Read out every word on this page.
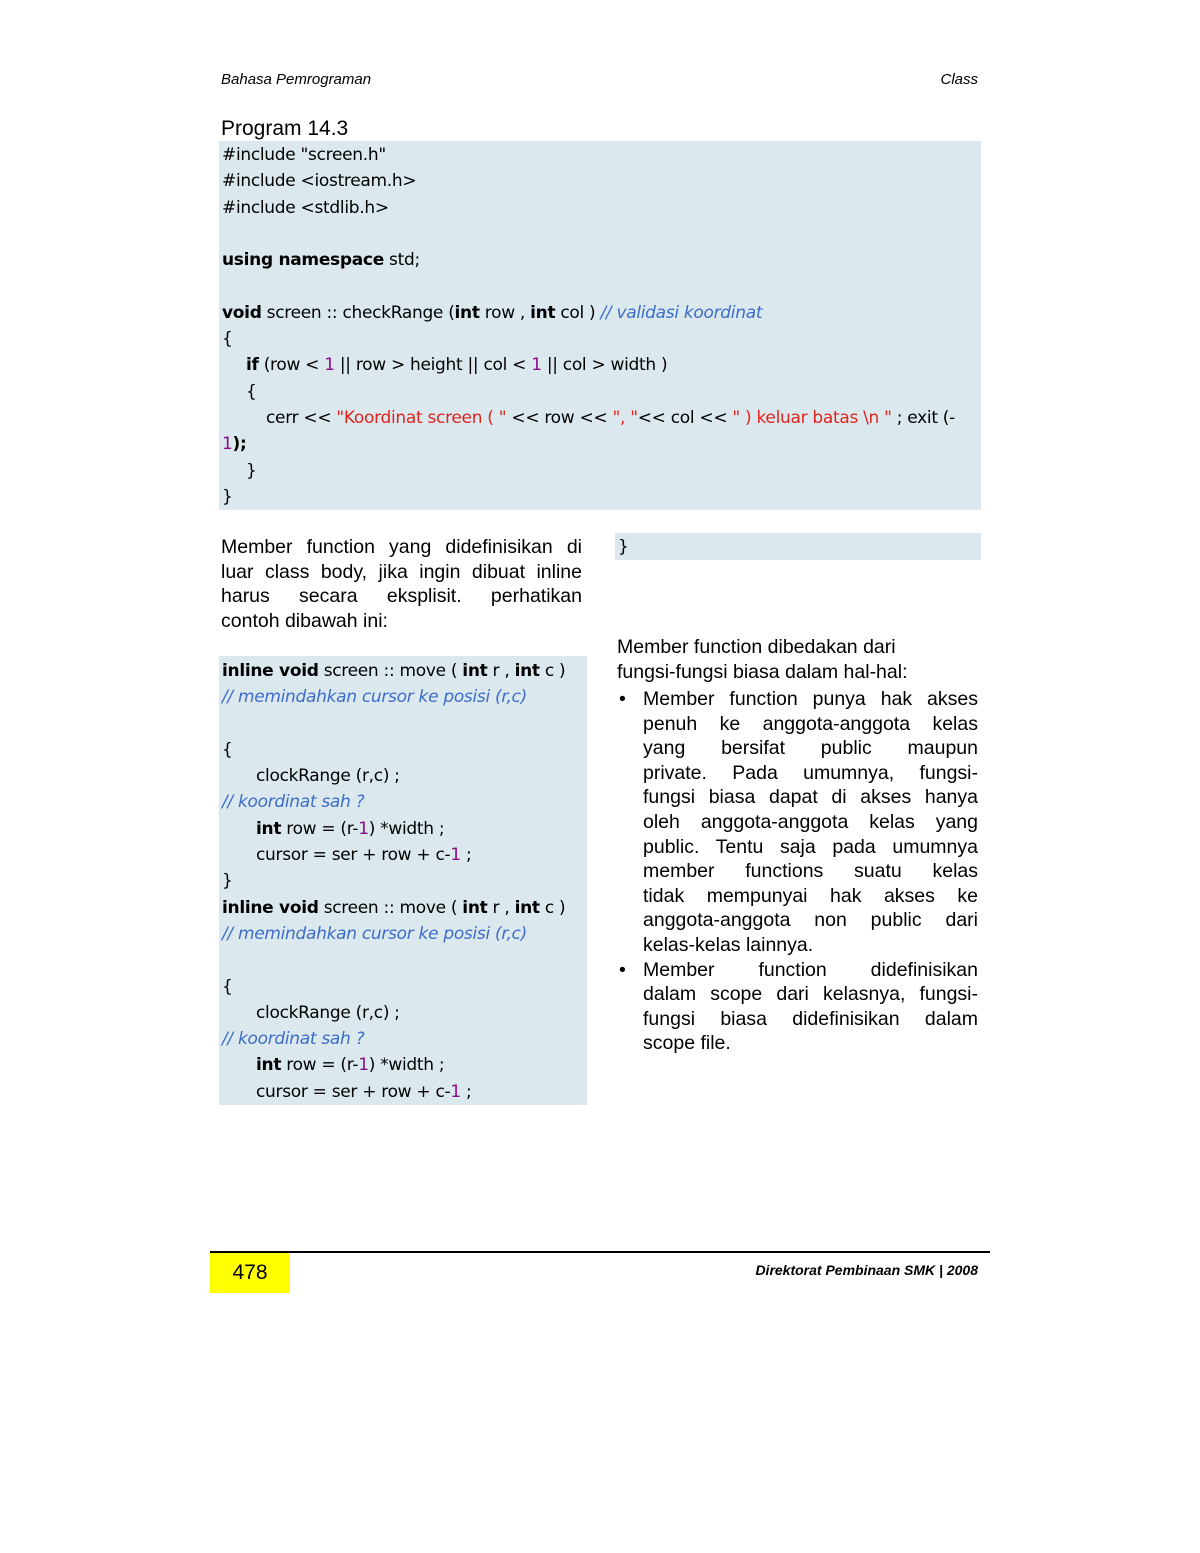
Bahasa Pemrograman	Class
Program 14.3
#include "screen.h"
#include <iostream.h>
#include <stdlib.h>
using namespace std;
void screen :: checkRange (int row , int col ) // validasi koordinat
{
if (row < 1 || row > height || col < 1 || col > width )
{
cerr << "Koordinat screen ( " << row << ", "<< col << " ) keluar batas \n " ; exit (-
1);
}
}
Member function yang didefinisikan di
luar class body, jika ingin dibuat inline
harus secara eksplisit. perhatikan
contoh dibawah ini:
inline void screen :: move ( int r , int c )
// memindahkan cursor ke posisi (r,c)
{
clockRange (r,c) ;
// koordinat sah ?
int row = (r-1) *width ;
cursor = ser + row + c-1 ;
}
inline void screen :: move ( int r , int c )
// memindahkan cursor ke posisi (r,c)
{
clockRange (r,c) ;
// koordinat sah ?
int row = (r-1) *width ;
cursor = ser + row + c-1 ;
}
Member function dibedakan dari
fungsi-fungsi biasa dalam hal-hal:
• Member function punya hak akses
penuh ke anggota-anggota kelas
yang bersifat public maupun
private. Pada umumnya, fungsi-
fungsi biasa dapat di akses hanya
oleh anggota-anggota kelas yang
public. Tentu saja pada umumnya
member functions suatu kelas
tidak mempunyai hak akses ke
anggota-anggota non public dari
kelas-kelas lainnya.
• Member function didefinisikan
dalam scope dari kelasnya, fungsi-
fungsi biasa didefinisikan dalam
scope file.
478	Direktorat Pembinaan SMK | 2008
